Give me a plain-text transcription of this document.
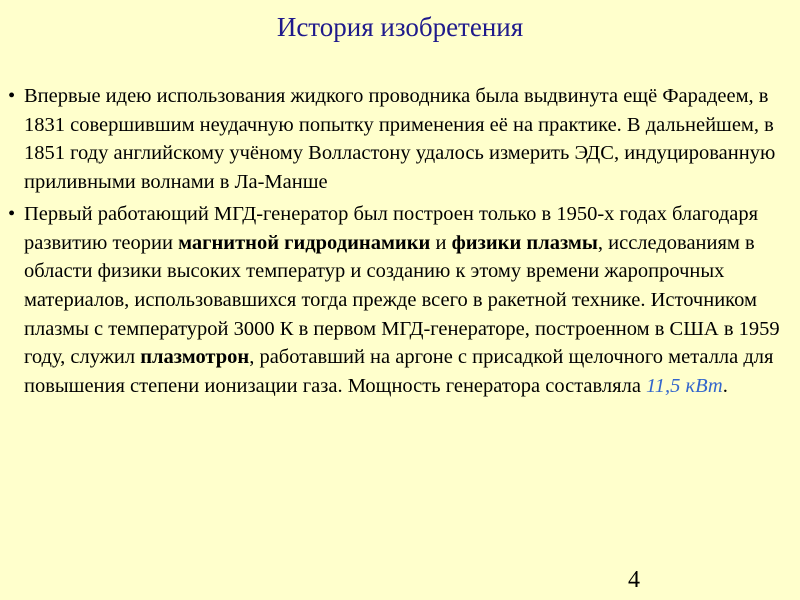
История изобретения
• Впервые идею использования жидкого проводника была выдвинута ещё Фарадеем, в 1831 совершившим неудачную попытку применения её на практике. В дальнейшем, в 1851 году английскому учёному Волластону удалось измерить ЭДС, индуцированную приливными волнами в Ла-Манше
• Первый работающий МГД-генератор был построен только в 1950-х годах благодаря развитию теории магнитной гидродинамики и физики плазмы, исследованиям в области физики высоких температур и созданию к этому времени жаропрочных материалов, использовавшихся тогда прежде всего в ракетной технике. Источником плазмы с температурой 3000 К в первом МГД-генераторе, построенном в США в 1959 году, служил плазмотрон, работавший на аргоне с присадкой щелочного металла для повышения степени ионизации газа. Мощность генератора составляла 11,5 кВт.
4
